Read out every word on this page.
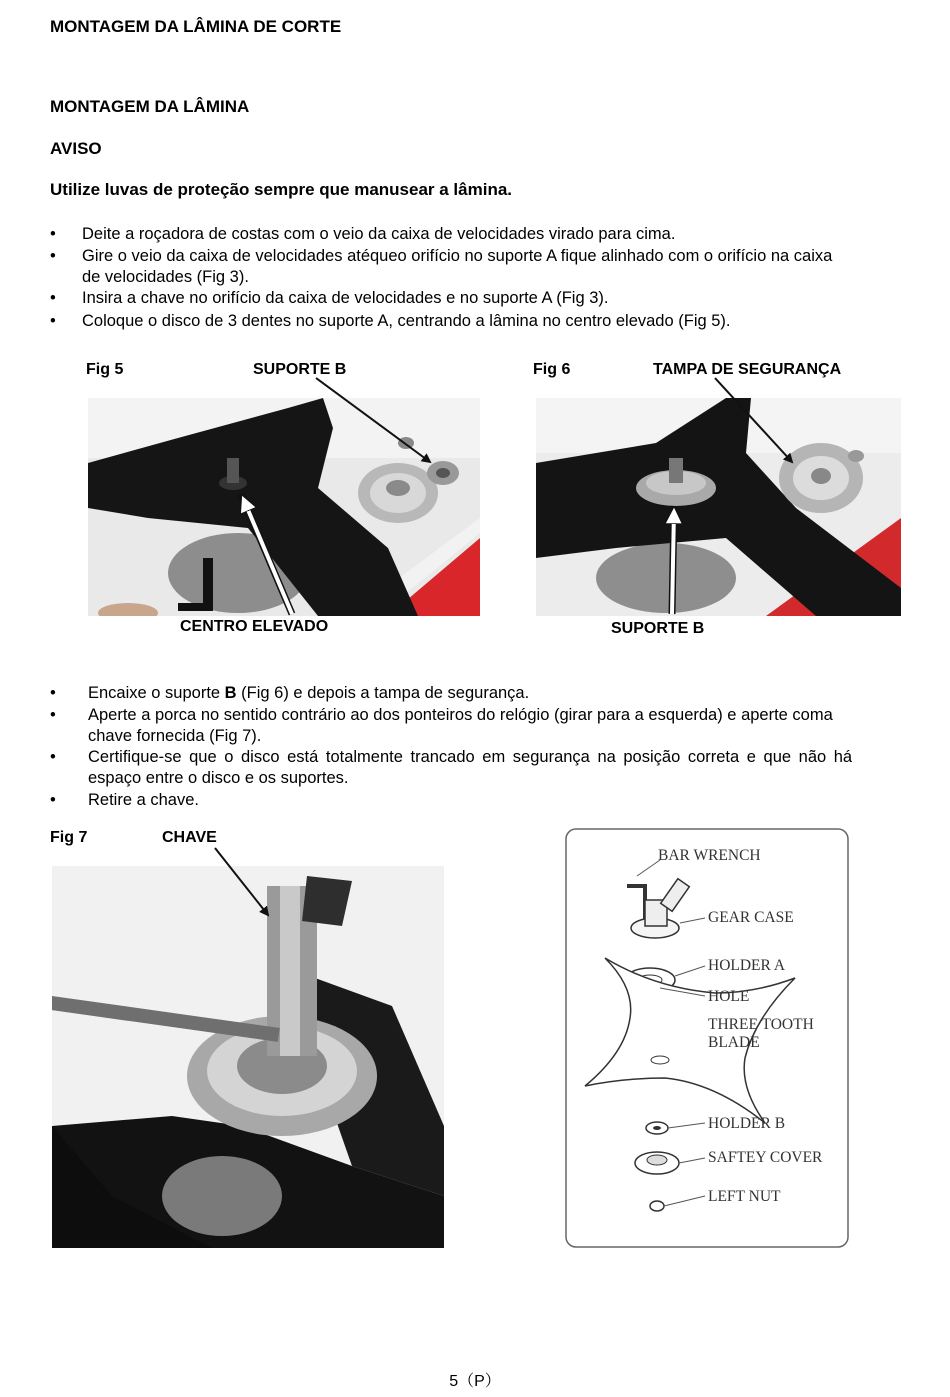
MONTAGEM DA LÂMINA DE CORTE
MONTAGEM DA LÂMINA
AVISO
Utilize luvas de proteção sempre que manusear a lâmina.
• Deite a roçadora de costas com o veio da caixa de velocidades virado para cima.
• Gire o veio da caixa de velocidades atéqueo orifício no suporte A fique alinhado com o orifício na caixa
de velocidades (Fig 3).
• Insira a chave no orifício da caixa de velocidades e no suporte A (Fig 3).
• Coloque o disco de 3 dentes no suporte A, centrando a lâmina no centro elevado (Fig 5).
Fig 5	SUPORTE B	Fig 6	TAMPA DE SEGURANÇA
CENTRO ELEVADO	SUPORTE B
• Encaixe o suporte B (Fig 6) e depois a tampa de segurança.
• Aperte a porca no sentido contrário ao dos ponteiros do relógio (girar para a esquerda) e aperte coma
chave fornecida (Fig 7).
• Certifique-se que o disco está totalmente trancado em segurança na posição correta e que não há
espaço entre o disco e os suportes.
• Retire a chave.
Fig 7	CHAVE
BAR WRENCH
GEAR CASE
HOLDER A
HOLE
THREE TOOTH
BLADE
HOLDER B
SAFTEY COVER
LEFT NUT
5（P）
